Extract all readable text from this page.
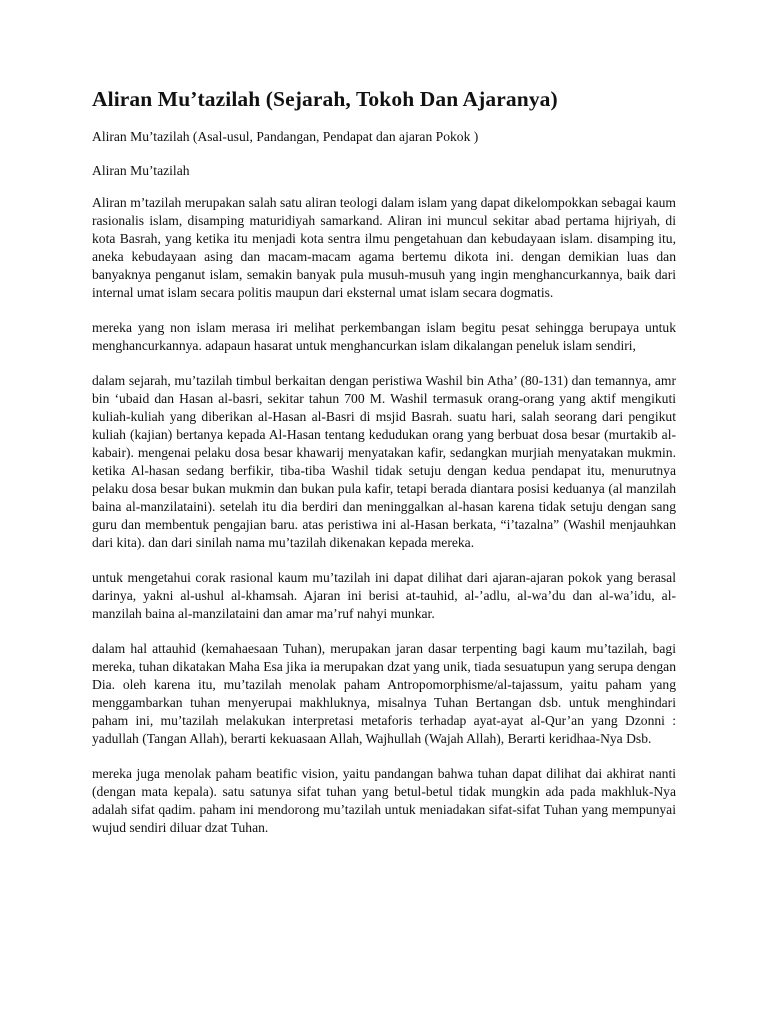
Aliran Mu’tazilah (Sejarah, Tokoh Dan Ajaranya)

Aliran Mu’tazilah (Asal-usul, Pandangan, Pendapat dan ajaran Pokok )

Aliran Mu’tazilah

Aliran m’tazilah merupakan salah satu aliran teologi dalam islam yang dapat dikelompokkan sebagai kaum rasionalis islam, disamping maturidiyah samarkand. Aliran ini muncul sekitar abad pertama hijriyah, di kota Basrah, yang ketika itu menjadi kota sentra ilmu pengetahuan dan kebudayaan islam. disamping itu, aneka kebudayaan asing dan macam-macam agama bertemu dikota ini. dengan demikian luas dan banyaknya penganut islam, semakin banyak pula musuh-musuh yang ingin menghancurkannya, baik dari internal umat islam secara politis maupun dari eksternal umat islam secara dogmatis.

mereka yang non islam merasa iri melihat perkembangan islam begitu pesat sehingga berupaya untuk menghancurkannya. adapaun hasarat untuk menghancurkan islam dikalangan peneluk islam sendiri,

dalam sejarah, mu’tazilah timbul berkaitan dengan peristiwa Washil bin Atha’ (80-131) dan temannya, amr bin ‘ubaid dan Hasan al-basri, sekitar tahun 700 M. Washil termasuk orang-orang yang aktif mengikuti kuliah-kuliah yang diberikan al-Hasan al-Basri di msjid Basrah. suatu hari, salah seorang dari pengikut kuliah (kajian) bertanya kepada Al-Hasan tentang kedudukan orang yang berbuat dosa besar (murtakib al-kabair). mengenai pelaku dosa besar khawarij menyatakan kafir, sedangkan murjiah menyatakan mukmin. ketika Al-hasan sedang berfikir, tiba-tiba Washil tidak setuju dengan kedua pendapat itu, menurutnya pelaku dosa besar bukan mukmin dan bukan pula kafir, tetapi berada diantara posisi keduanya (al manzilah baina al-manzilataini). setelah itu dia berdiri dan meninggalkan al-hasan karena tidak setuju dengan sang guru dan membentuk pengajian baru. atas peristiwa ini al-Hasan berkata, “i’tazalna” (Washil menjauhkan dari kita). dan dari sinilah nama mu’tazilah dikenakan kepada mereka.

untuk mengetahui corak rasional kaum mu’tazilah ini dapat dilihat dari ajaran-ajaran pokok yang berasal darinya, yakni al-ushul al-khamsah. Ajaran ini berisi at-tauhid, al-’adlu, al-wa’du dan al-wa’idu, al-manzilah baina al-manzilataini dan amar ma’ruf nahyi munkar.

dalam hal attauhid (kemahaesaan Tuhan), merupakan jaran dasar terpenting bagi kaum mu’tazilah, bagi mereka, tuhan dikatakan Maha Esa jika ia merupakan dzat yang unik, tiada sesuatupun yang serupa dengan Dia. oleh karena itu, mu’tazilah menolak paham Antropomorphisme/al-tajassum, yaitu paham yang menggambarkan tuhan menyerupai makhluknya, misalnya Tuhan Bertangan dsb. untuk menghindari paham ini, mu’tazilah melakukan interpretasi metaforis terhadap ayat-ayat al-Qur’an yang Dzonni : yadullah (Tangan Allah), berarti kekuasaan Allah, Wajhullah (Wajah Allah), Berarti keridhaa-Nya Dsb.

mereka juga menolak paham beatific vision, yaitu pandangan bahwa tuhan dapat dilihat dai akhirat nanti (dengan mata kepala). satu satunya sifat tuhan yang betul-betul tidak mungkin ada pada makhluk-Nya adalah sifat qadim. paham ini mendorong mu’tazilah untuk meniadakan sifat-sifat Tuhan yang mempunyai wujud sendiri diluar dzat Tuhan.
